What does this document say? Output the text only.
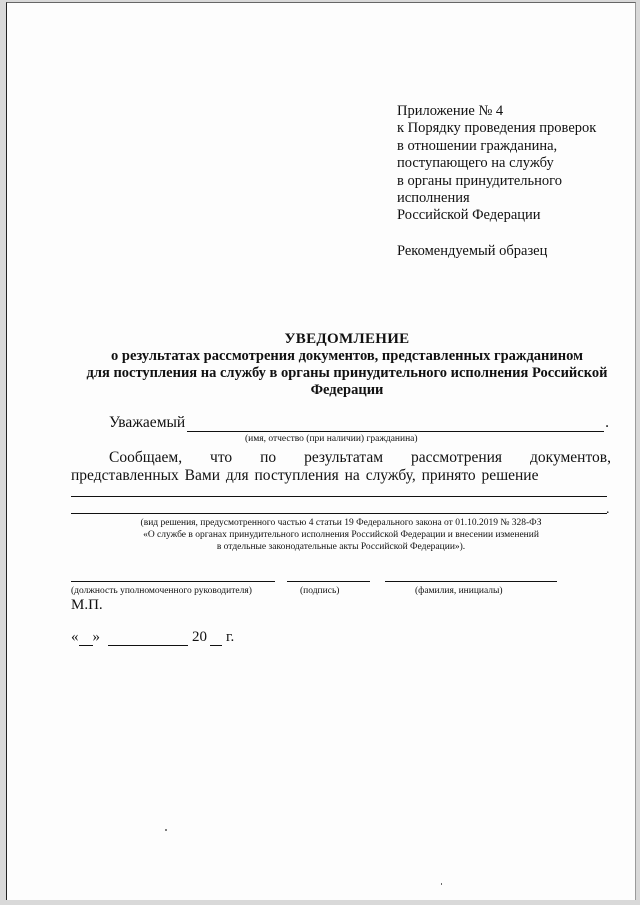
Приложение № 4
к Порядку проведения проверок
в отношении гражданина,
поступающего на службу
в органы принудительного
исполнения
Российской Федерации
Рекомендуемый образец
УВЕДОМЛЕНИЕ
о результатах рассмотрения документов, представленных гражданином
для поступления на службу в органы принудительного исполнения Российской
Федерации
Уважаемый	.
(имя, отчество (при наличии) гражданина)
Сообщаем, что по результатам рассмотрения документов, представленных Вами для поступления на службу, принято решение
.
(вид решения, предусмотренного частью 4 статьи 19 Федерального закона от 01.10.2019 № 328-ФЗ
«О службе в органах принудительного исполнения Российской Федерации и внесении изменений
в отдельные законодательные акты Российской Федерации»).
(должность уполномоченного руководителя)	(подпись)	(фамилия, инициалы)
М.П.
« »	20 г.
